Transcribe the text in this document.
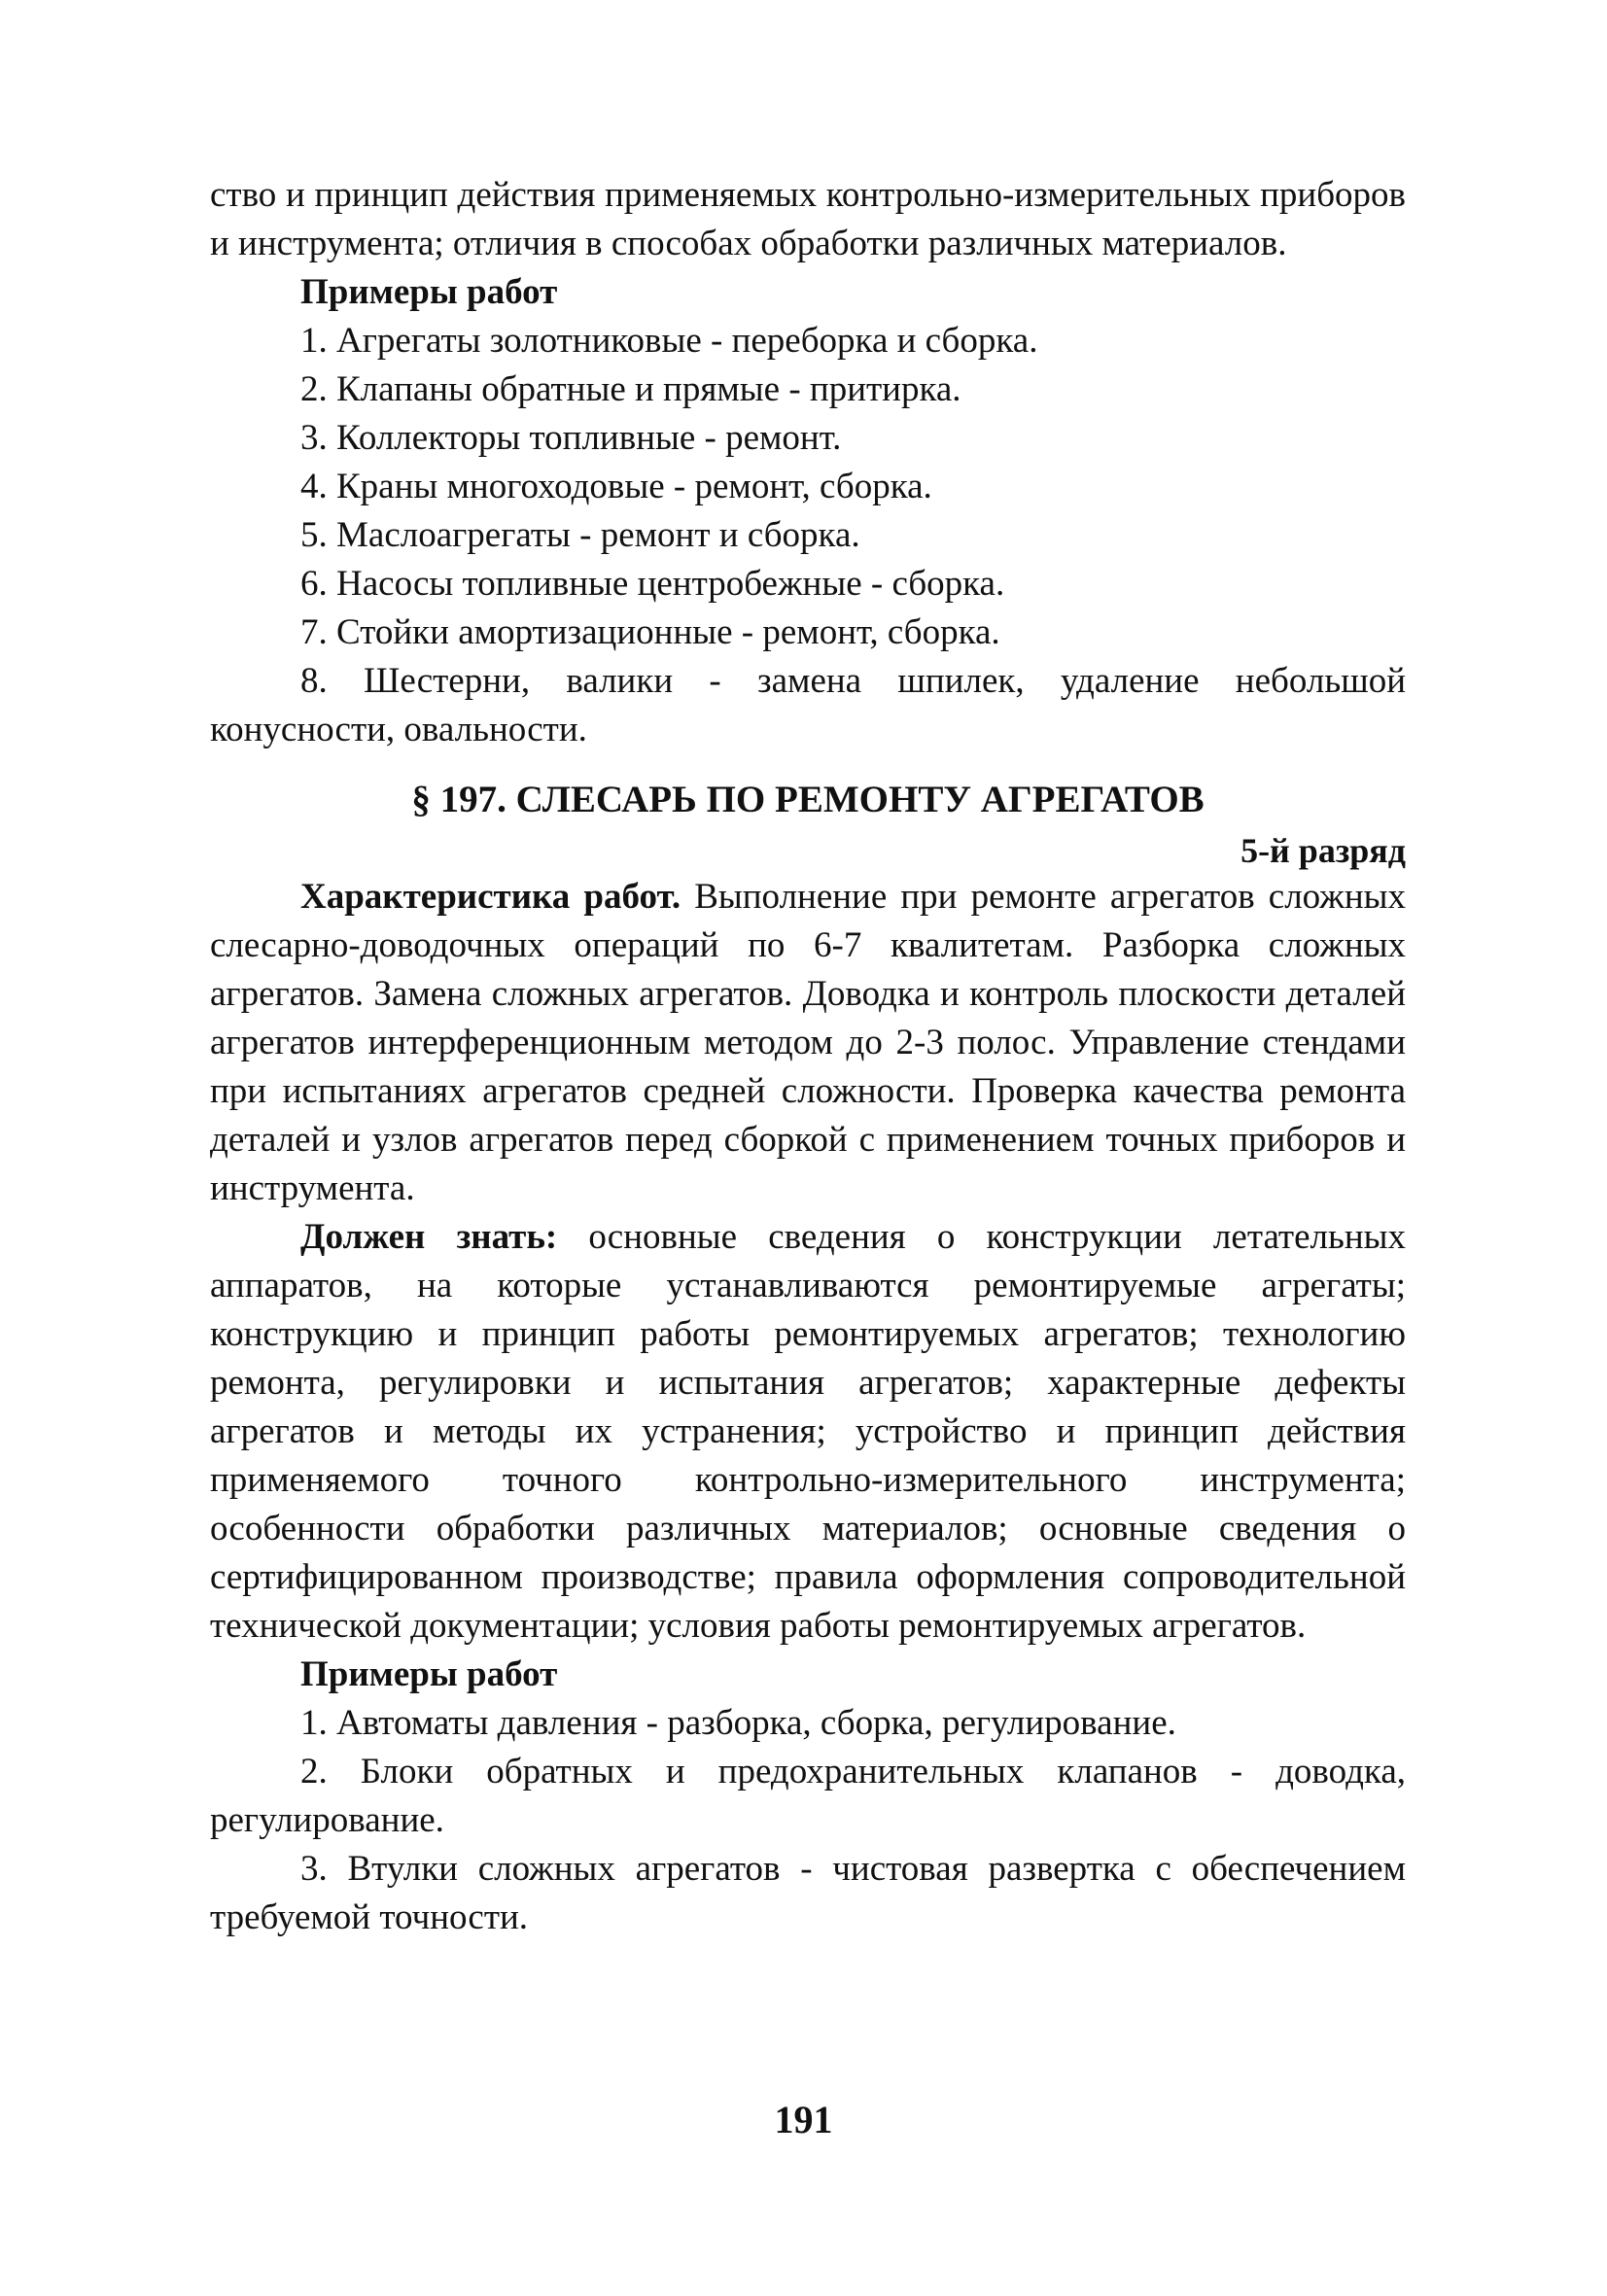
ство и принцип действия применяемых контрольно-измерительных приборов и инструмента; отличия в способах обработки различных материалов.

Примеры работ

1. Агрегаты золотниковые - переборка и сборка.

2. Клапаны обратные и прямые - притирка.

3. Коллекторы топливные - ремонт.

4. Краны многоходовые - ремонт, сборка.

5. Маслоагрегаты - ремонт и сборка.

6. Насосы топливные центробежные - сборка.

7. Стойки амортизационные - ремонт, сборка.

8. Шестерни, валики - замена шпилек, удаление небольшой конусности, овальности.

§ 197. СЛЕСАРЬ ПО РЕМОНТУ АГРЕГАТОВ

5-й разряд

Характеристика работ. Выполнение при ремонте агрегатов сложных слесарно-доводочных операций по 6-7 квалитетам. Разборка сложных агрегатов. Замена сложных агрегатов. Доводка и контроль плоскости деталей агрегатов интерференционным методом до 2-3 полос. Управление стендами при испытаниях агрегатов средней сложности. Проверка качества ремонта деталей и узлов агрегатов перед сборкой с применением точных приборов и инструмента.

Должен знать: основные сведения о конструкции летательных аппаратов, на которые устанавливаются ремонтируемые агрегаты; конструкцию и принцип работы ремонтируемых агрегатов; технологию ремонта, регулировки и испытания агрегатов; характерные дефекты агрегатов и методы их устранения; устройство и принцип действия применяемого точного контрольно-измерительного инструмента; особенности обработки различных материалов; основные сведения о сертифицированном производстве; правила оформления сопроводительной технической документации; условия работы ремонтируемых агрегатов.

Примеры работ

1. Автоматы давления - разборка, сборка, регулирование.

2. Блоки обратных и предохранительных клапанов - доводка, регулирование.

3. Втулки сложных агрегатов - чистовая развертка с обеспечением требуемой точности.

191
